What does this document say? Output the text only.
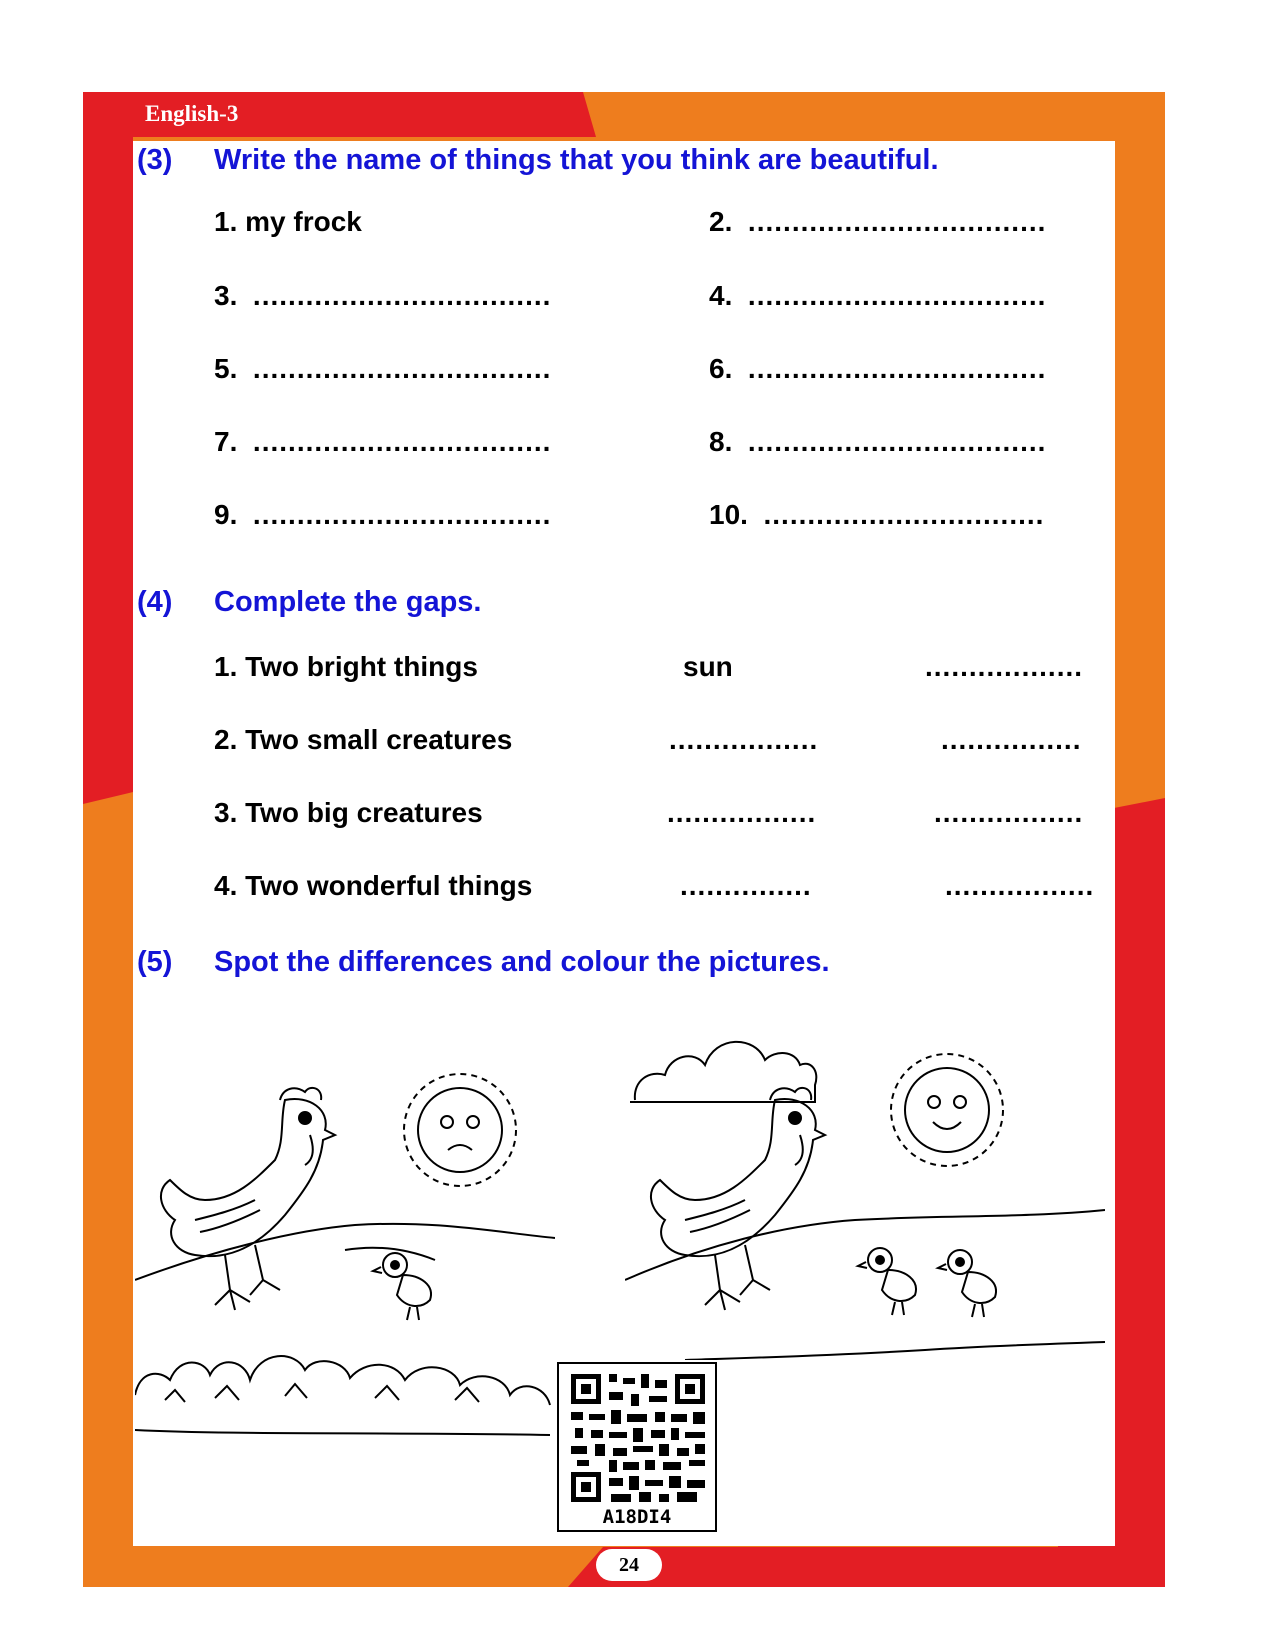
English-3
(3) Write the name of things that you think are beautiful.
1. my frock	2. ..................................
3. ..................................	4. ..................................
5. ..................................	6. ..................................
7. ..................................	8. ..................................
9. ..................................	10. ................................
(4) Complete the gaps.
1. Two bright things	sun	..................
2. Two small creatures	.................	................
3. Two big creatures	.................	.................
4. Two wonderful things	...............	.................
(5) Spot the differences and colour the pictures.
A18DI4
24
